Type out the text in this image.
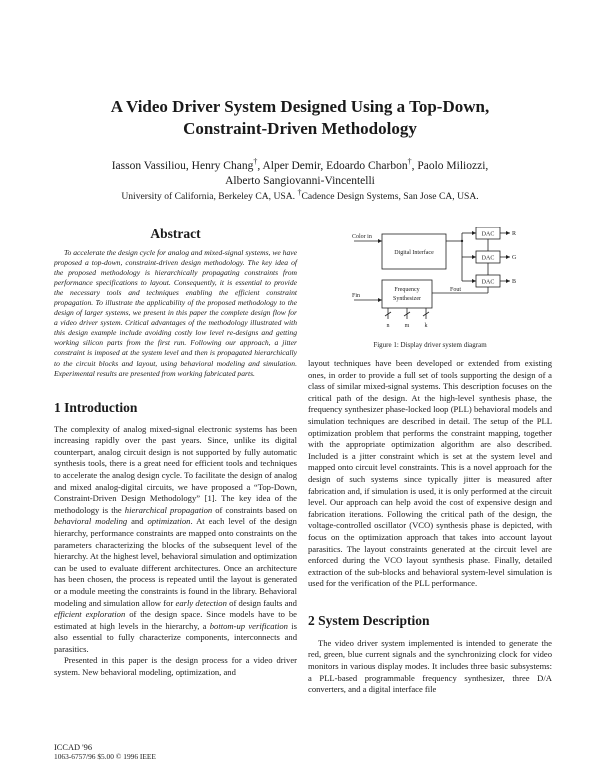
A Video Driver System Designed Using a Top-Down,
Constraint-Driven Methodology
Iasson Vassiliou, Henry Chang†, Alper Demir, Edoardo Charbon†, Paolo Miliozzi,
Alberto Sangiovanni-Vincentelli
University of California, Berkeley CA, USA. †Cadence Design Systems, San Jose CA, USA.
Abstract

To accelerate the design cycle for analog and mixed-signal systems, we have proposed a top-down, constraint-driven design methodology. The key idea of the proposed methodology is hierarchically propagating constraints from performance specifications to layout. Consequently, it is essential to provide the necessary tools and techniques enabling the efficient constraint propagation. To illustrate the applicability of the proposed methodology to the design of larger systems, we present in this paper the complete design flow for a video driver system. Critical advantages of the methodology illustrated with this design example include avoiding costly low level re-designs and getting working silicon parts from the first run. Following our approach, a jitter constraint is imposed at the system level and then is propagated hierarchically to the circuit blocks and layout, using behavioral modeling and simulation. Experimental results are presented from working fabricated parts.

1 Introduction

The complexity of analog mixed-signal electronic systems has been increasing rapidly over the past years. Since, unlike its digital counterpart, analog circuit design is not supported by fully automatic synthesis tools, there is a great need for efficient tools and techniques to accelerate the analog design cycle. To facilitate the design of analog and mixed analog-digital circuits, we have proposed a “Top-Down, Constraint-Driven Design Methodology” [1]. The key idea of the methodology is the hierarchical propagation of constraints based on behavioral modeling and optimization. At each level of the design hierarchy, performance constraints are mapped onto constraints on the parameters characterizing the blocks of the subsequent level of the hierarchy. At the highest level, behavioral simulation and optimization can be used to evaluate different architectures. Once an architecture has been chosen, the process is repeated until the layout is generated or a module meeting the constraints is found in the library. Behavioral modeling and simulation allow for early detection of design faults and efficient exploration of the design space. Since models have to be estimated at high levels in the hierarchy, a bottom-up verification is also essential to fully characterize components, interconnects and parasitics.

Presented in this paper is the design process for a video driver system. New behavioral modeling, optimization, and

Color in
Digital Interface
DAC
DAC
DAC
R
G
B
Frequency
Synthesizer
Fout
Fin
n	m	k
Figure 1: Display driver system diagram

layout techniques have been developed or extended from existing ones, in order to provide a full set of tools supporting the design of a class of similar mixed-signal systems. This description focuses on the critical path of the design. At the high-level synthesis phase, the frequency synthesizer phase-locked loop (PLL) behavioral models and simulation techniques are described in detail. The setup of the PLL optimization problem that performs the constraint mapping, together with the appropriate optimization algorithm are also described. Included is a jitter constraint which is set at the system level and mapped onto circuit level constraints. This is a novel approach for the design of such systems since typically jitter is measured after fabrication and, if simulation is used, it is only performed at the circuit level. Our approach can help avoid the cost of expensive design and fabrication iterations. Following the critical path of the design, the voltage-controlled oscillator (VCO) synthesis phase is depicted, with focus on the optimization approach that takes into account layout parasitics. The layout constraints generated at the circuit level are enforced during the VCO layout synthesis phase. Finally, detailed extraction of the sub-blocks and behavioral system-level simulation is used for the verification of the PLL performance.

2 System Description

The video driver system implemented is intended to generate the red, green, blue current signals and the synchronizing clock for video monitors in various display modes. It includes three basic subsystems: a PLL-based programmable frequency synthesizer, three D/A converters, and a digital interface file

ICCAD '96
1063-6757/96 $5.00 © 1996 IEEE
